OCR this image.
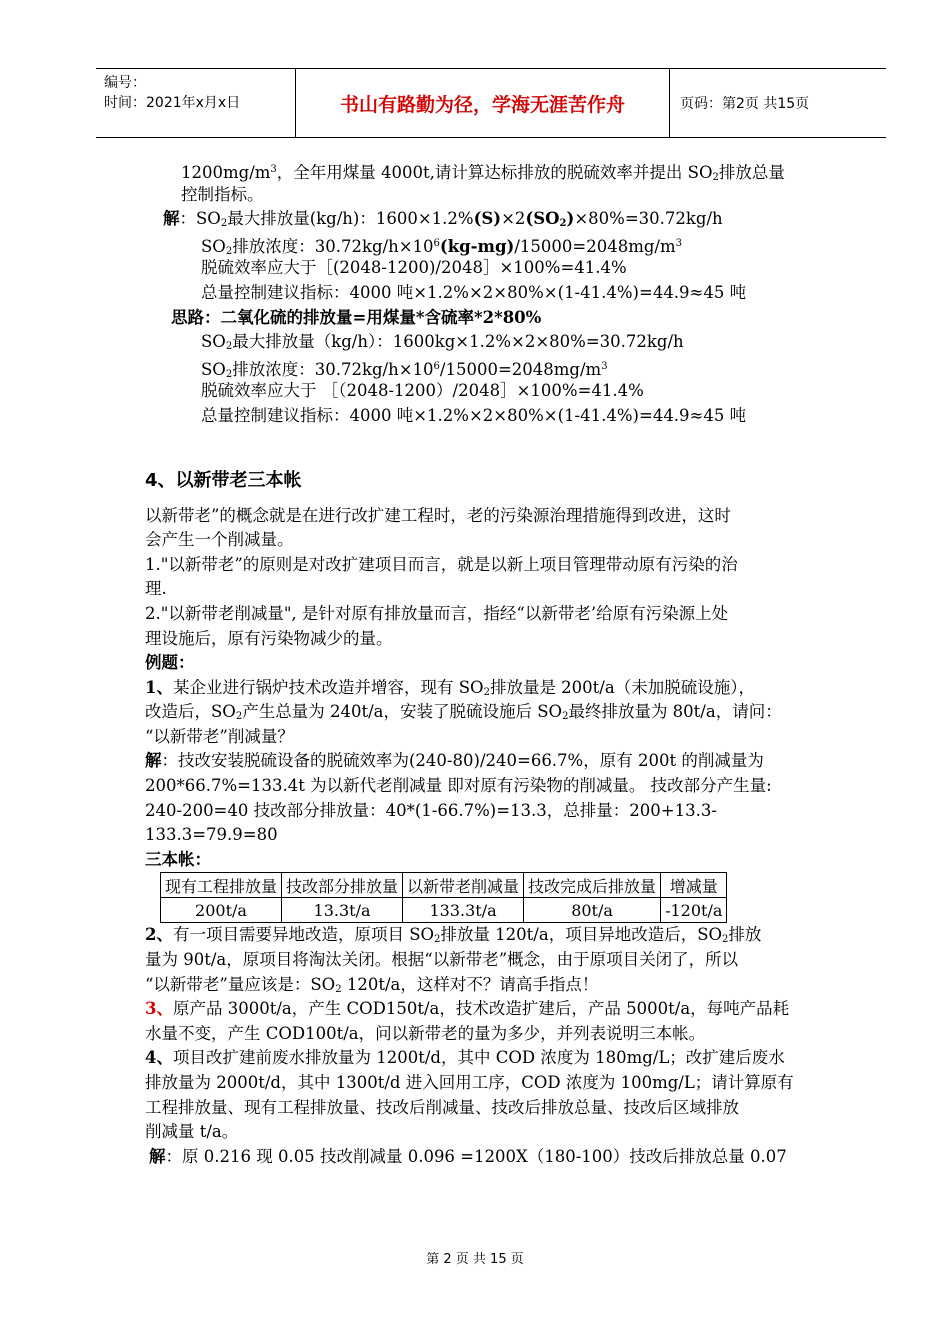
编号：
时间：2021年x月x日	书山有路勤为径，学海无涯苦作舟	页码：第2页 共15页
$1200mg/m^3$，全年用煤量 4000t,请计算达标排放的脱硫效率并提出 $SO_2$排放总量
控制指标。
解：$SO_2$最大排放量(kg/h)：$1600\times 1.2\%(S)\times 2(SO_2)\times 80\%=30.72kg/h$
$SO_2$排放浓度：$30.72kg/h\times 10^6(kg-mg)/15000=2048mg/m^3$
脱硫效率应大于［(2048-1200)/2048］×100%=41.4%
总量控制建议指标：4000 吨×1.2%×2×80%×(1-41.4%)=44.9≈45 吨
思路：二氧化硫的排放量=用煤量*含硫率*2*80%
$SO_2$最大排放量（kg/h）：1600kg×1.2%×2×80%=30.72kg/h
$SO_2$排放浓度：$30.72kg/h\times 10^6/15000=2048mg/m^3$
脱硫效率应大于 ［（2048-1200）/2048］×100%=41.4%
总量控制建议指标：4000 吨×1.2%×2×80%×(1-41.4%)=44.9≈45 吨
4、以新带老三本帐
以新带老”的概念就是在进行改扩建工程时，老的污染源治理措施得到改进，这时
会产生一个削减量。
1."以新带老”的原则是对改扩建项目而言，就是以新上项目管理带动原有污染的治
理.
2."以新带老削减量", 是针对原有排放量而言，指经“以新带老’给原有污染源上处
理设施后，原有污染物减少的量。
例题：
1、某企业进行锅炉技术改造并增容，现有 $SO_2$排放量是 200t/a（未加脱硫设施），
改造后，$SO_2$产生总量为 240t/a，安装了脱硫设施后 $SO_2$最终排放量为 80t/a，请问：
“以新带老”削减量？
解：技改安装脱硫设备的脱硫效率为(240-80)/240=66.7%，原有 200t 的削减量为
200*66.7%=133.4t 为以新代老削减量 即对原有污染物的削减量。 技改部分产生量:
240-200=40 技改部分排放量：40*(1-66.7%)=13.3，总排量：200+13.3-
133.3=79.9=80
三本帐：
现有工程排放量	技改部分排放量	以新带老削减量	技改完成后排放量	增减量
200t/a	13.3t/a	133.3t/a	80t/a	-120t/a
2、有一项目需要异地改造，原项目 $SO_2$排放量 120t/a，项目异地改造后，$SO_2$排放
量为 90t/a，原项目将淘汰关闭。根据“以新带老”概念，由于原项目关闭了，所以
“以新带老”量应该是：$SO_2$ 120t/a，这样对不？请高手指点！
3、原产品 3000t/a，产生 COD150t/a，技术改造扩建后，产品 5000t/a，每吨产品耗
水量不变，产生 COD100t/a，问以新带老的量为多少，并列表说明三本帐。
4、项目改扩建前废水排放量为 1200t/d，其中 COD 浓度为 180mg/L；改扩建后废水
排放量为 2000t/d，其中 1300t/d 进入回用工序，COD 浓度为 100mg/L；请计算原有
工程排放量、现有工程排放量、技改后削减量、技改后排放总量、技改后区域排放
削减量 t/a。
解：原 0.216 现 0.05 技改削减量 0.096 =1200X（180-100）技改后排放总量 0.07
第 2 页 共 15 页
